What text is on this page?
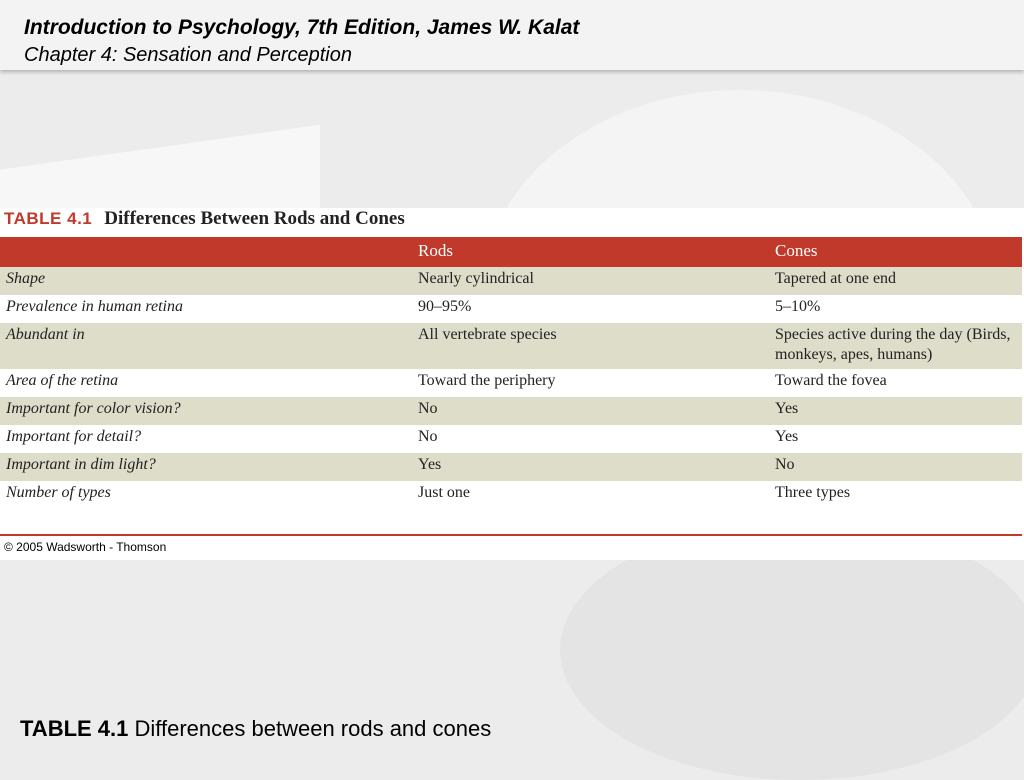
Introduction to Psychology, 7th Edition, James W. Kalat
Chapter 4: Sensation and Perception
TABLE 4.1 Differences Between Rods and Cones
	Rods	Cones
Shape	Nearly cylindrical	Tapered at one end
Prevalence in human retina	90–95%	5–10%
Abundant in	All vertebrate species	Species active during the day (Birds, monkeys, apes, humans)
Area of the retina	Toward the periphery	Toward the fovea
Important for color vision?	No	Yes
Important for detail?	No	Yes
Important in dim light?	Yes	No
Number of types	Just one	Three types
© 2005 Wadsworth - Thomson
TABLE 4.1 Differences between rods and cones
